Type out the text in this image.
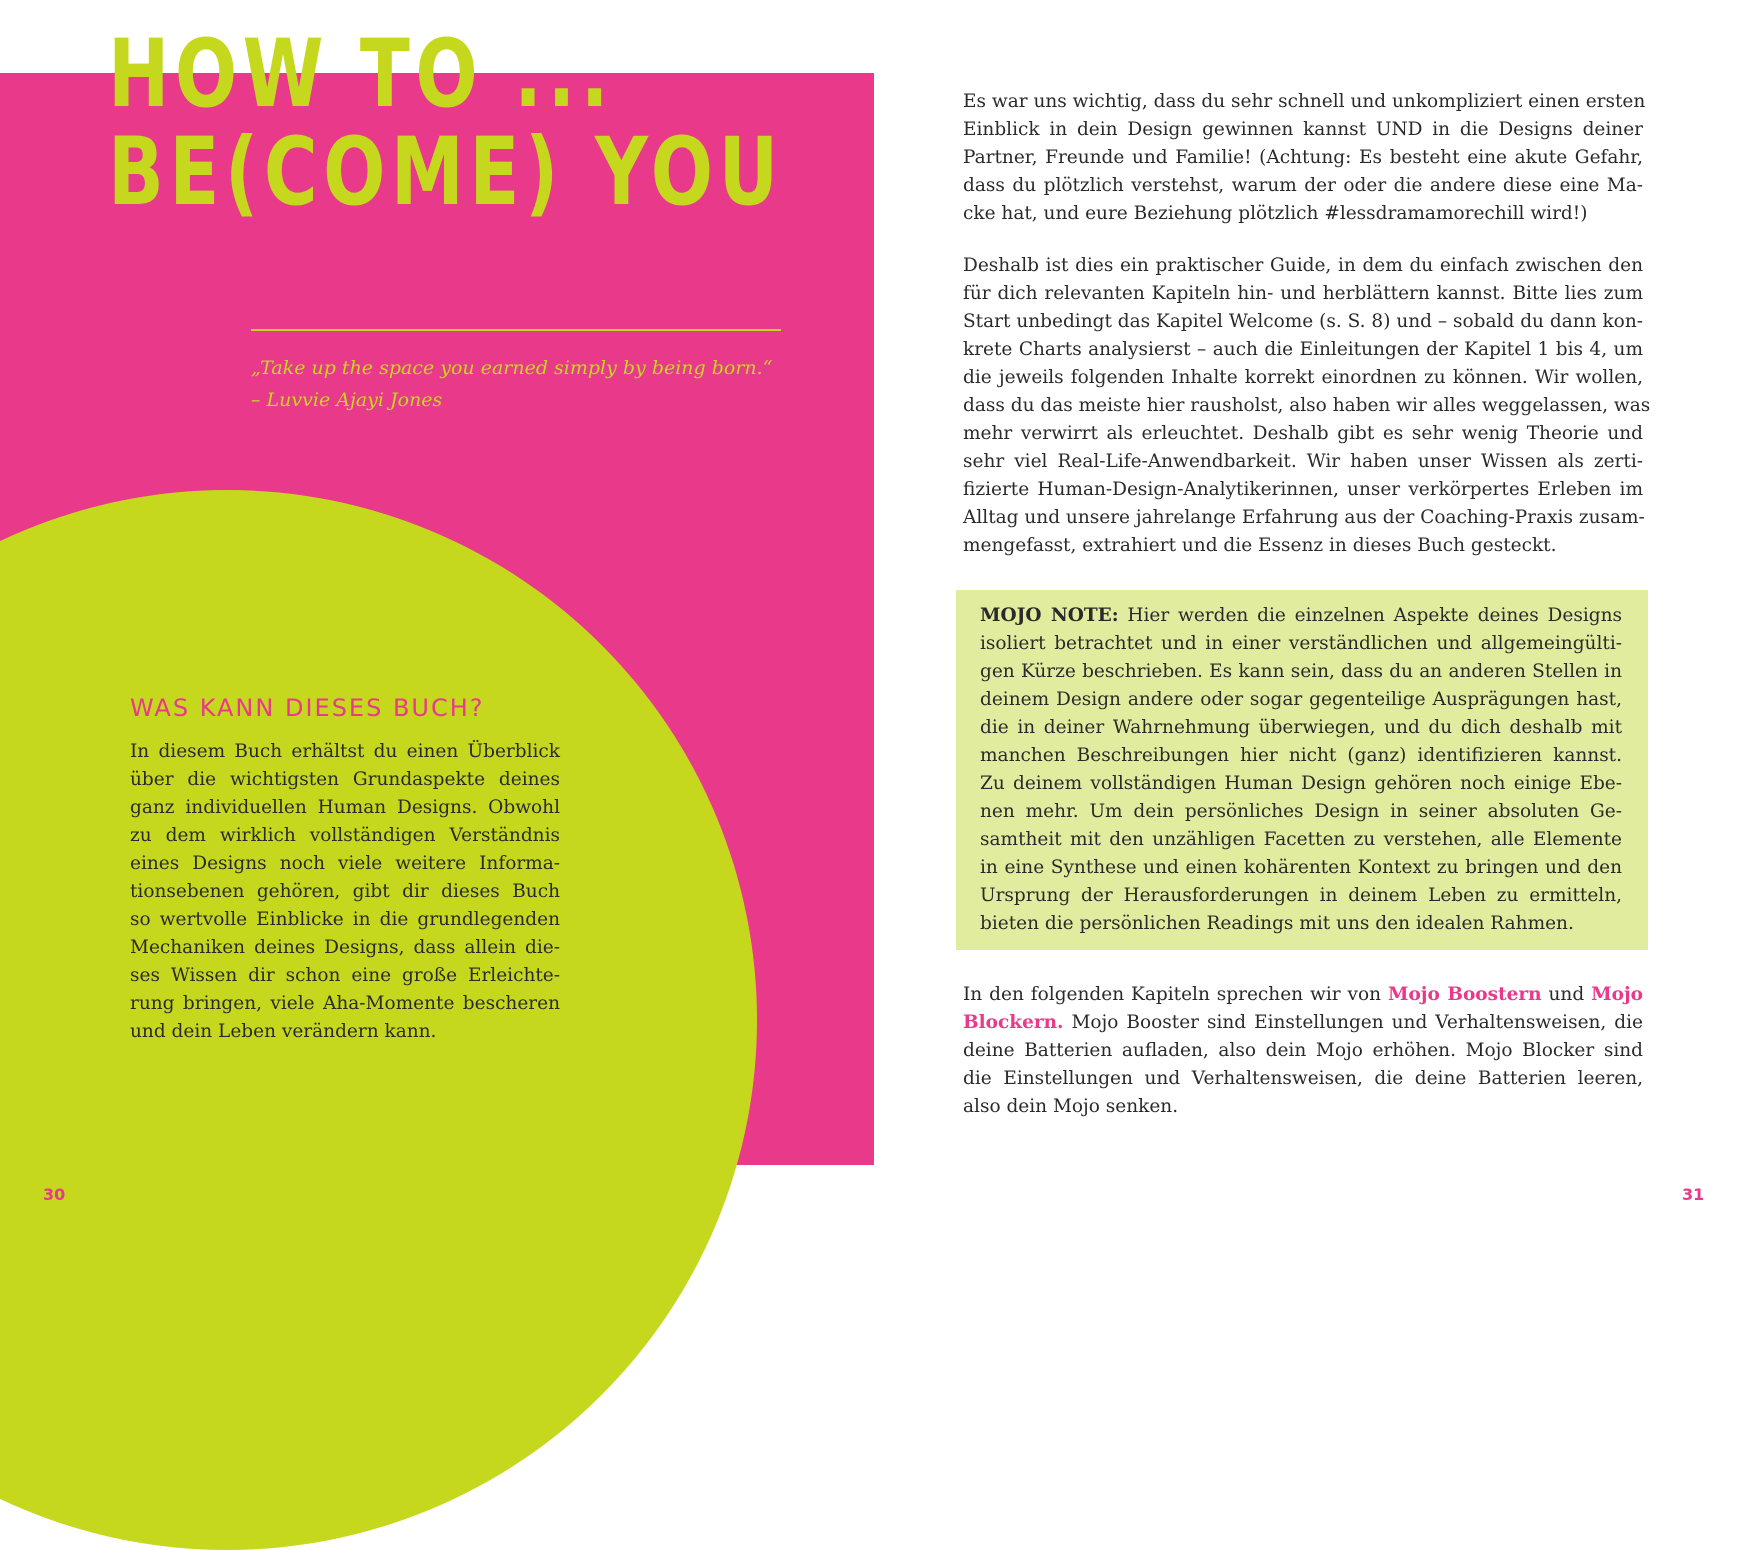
HOW TO ...
BE(COME) YOU
„Take up the space you earned simply by being born.“
– Luvvie Ajayi Jones
WAS KANN DIESES BUCH?
In diesem Buch erhältst du einen Überblick
über die wichtigsten Grundaspekte deines
ganz individuellen Human Designs. Obwohl
zu dem wirklich vollständigen Verständnis
eines Designs noch viele weitere Informa-
tionsebenen gehören, gibt dir dieses Buch
so wertvolle Einblicke in die grundlegenden
Mechaniken deines Designs, dass allein die-
ses Wissen dir schon eine große Erleichte-
rung bringen, viele Aha-Momente bescheren
und dein Leben verändern kann.
30
Es war uns wichtig, dass du sehr schnell und unkompliziert einen ersten
Einblick in dein Design gewinnen kannst UND in die Designs deiner
Partner, Freunde und Familie! (Achtung: Es besteht eine akute Gefahr,
dass du plötzlich verstehst, warum der oder die andere diese eine Ma-
cke hat, und eure Beziehung plötzlich #lessdramamorechill wird!)
Deshalb ist dies ein praktischer Guide, in dem du einfach zwischen den
für dich relevanten Kapiteln hin- und herblättern kannst. Bitte lies zum
Start unbedingt das Kapitel Welcome (s. S. 8) und – sobald du dann kon-
krete Charts analysierst – auch die Einleitungen der Kapitel 1 bis 4, um
die jeweils folgenden Inhalte korrekt einordnen zu können. Wir wollen,
dass du das meiste hier rausholst, also haben wir alles weggelassen, was
mehr verwirrt als erleuchtet. Deshalb gibt es sehr wenig Theorie und
sehr viel Real-Life-Anwendbarkeit. Wir haben unser Wissen als zerti-
fizierte Human-Design-Analytikerinnen, unser verkörpertes Erleben im
Alltag und unsere jahrelange Erfahrung aus der Coaching-Praxis zusam-
mengefasst, extrahiert und die Essenz in dieses Buch gesteckt.
MOJO NOTE: Hier werden die einzelnen Aspekte deines Designs
isoliert betrachtet und in einer verständlichen und allgemeingülti-
gen Kürze beschrieben. Es kann sein, dass du an anderen Stellen in
deinem Design andere oder sogar gegenteilige Ausprägungen hast,
die in deiner Wahrnehmung überwiegen, und du dich deshalb mit
manchen Beschreibungen hier nicht (ganz) identifizieren kannst.
Zu deinem vollständigen Human Design gehören noch einige Ebe-
nen mehr. Um dein persönliches Design in seiner absoluten Ge-
samtheit mit den unzähligen Facetten zu verstehen, alle Elemente
in eine Synthese und einen kohärenten Kontext zu bringen und den
Ursprung der Herausforderungen in deinem Leben zu ermitteln,
bieten die persönlichen Readings mit uns den idealen Rahmen.
In den folgenden Kapiteln sprechen wir von Mojo Boostern und Mojo
Blockern. Mojo Booster sind Einstellungen und Verhaltensweisen, die
deine Batterien aufladen, also dein Mojo erhöhen. Mojo Blocker sind
die Einstellungen und Verhaltensweisen, die deine Batterien leeren,
also dein Mojo senken.
31
